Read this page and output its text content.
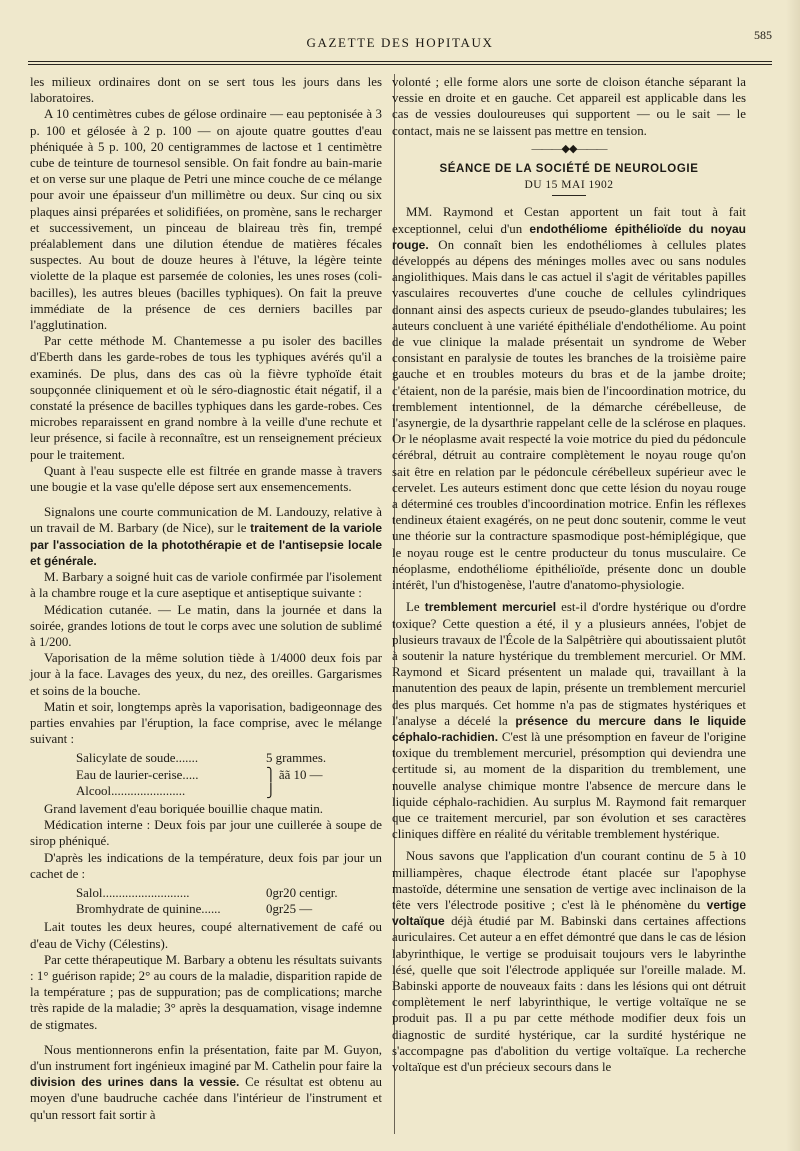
GAZETTE DES HOPITAUX	585

les milieux ordinaires dont on se sert tous les jours dans les laboratoires.

A 10 centimètres cubes de gélose ordinaire — eau peptonisée à 3 p. 100 et gélosée à 2 p. 100 — on ajoute quatre gouttes d'eau phéniquée à 5 p. 100, 20 centigrammes de lactose et 1 centimètre cube de teinture de tournesol sensible. On fait fondre au bain-marie et on verse sur une plaque de Petri une mince couche de ce mélange pour avoir une épaisseur d'un millimètre ou deux. Sur cinq ou six plaques ainsi préparées et solidifiées, on promène, sans le recharger et successivement, un pinceau de blaireau très fin, trempé préalablement dans une dilution étendue de matières fécales suspectes. Au bout de douze heures à l'étuve, la légère teinte violette de la plaque est parsemée de colonies, les unes roses (coli-bacilles), les autres bleues (bacilles typhiques). On fait la preuve immédiate de la présence de ces derniers bacilles par l'agglutination.

Par cette méthode M. Chantemesse a pu isoler des bacilles d'Eberth dans les garde-robes de tous les typhiques avérés qu'il a examinés. De plus, dans des cas où la fièvre typhoïde était soupçonnée cliniquement et où le séro-diagnostic était négatif, il a constaté la présence de bacilles typhiques dans les garde-robes. Ces microbes reparaissent en grand nombre à la veille d'une rechute et leur présence, si facile à reconnaître, est un renseignement précieux pour le traitement.

Quant à l'eau suspecte elle est filtrée en grande masse à travers une bougie et la vase qu'elle dépose sert aux ensemencements.

Signalons une courte communication de M. Landouzy, relative à un travail de M. Barbary (de Nice), sur le traitement de la variole par l'association de la photothérapie et de l'antisepsie locale et générale.

M. Barbary a soigné huit cas de variole confirmée par l'isolement à la chambre rouge et la cure aseptique et antiseptique suivante :

Médication cutanée. — Le matin, dans la journée et dans la soirée, grandes lotions de tout le corps avec une solution de sublimé à 1/200.

Vaporisation de la même solution tiède à 1/4000 deux fois par jour à la face. Lavages des yeux, du nez, des oreilles. Gargarismes et soins de la bouche.

Matin et soir, longtemps après la vaporisation, badigeonnage des parties envahies par l'éruption, la face comprise, avec le mélange suivant :

Salicylate de soude.......	5 grammes.
Eau de laurier-cerise.....	⎫ ãã 10 —
Alcool.......................	⎭

Grand lavement d'eau boriquée bouillie chaque matin.

Médication interne : Deux fois par jour une cuillerée à soupe de sirop phéniqué.

D'après les indications de la température, deux fois par jour un cachet de :

Salol...........................	0gr20 centigr.
Bromhydrate de quinine......	0gr25 —

Lait toutes les deux heures, coupé alternativement de café ou d'eau de Vichy (Célestins).

Par cette thérapeutique M. Barbary a obtenu les résultats suivants : 1° guérison rapide; 2° au cours de la maladie, disparition rapide de la température ; pas de suppuration; pas de complications; marche très rapide de la maladie; 3° après la desquamation, visage indemne de stigmates.

Nous mentionnerons enfin la présentation, faite par M. Guyon, d'un instrument fort ingénieux imaginé par M. Cathelin pour faire la division des urines dans la vessie. Ce résultat est obtenu au moyen d'une baudruche cachée dans l'intérieur de l'instrument et qu'un ressort fait sortir à

volonté ; elle forme alors une sorte de cloison étanche séparant la vessie en droite et en gauche. Cet appareil est applicable dans les cas de vessies douloureuses qui supportent — ou le sait — le contact, mais ne se laissent pas mettre en tension.

———◆◆———
SÉANCE DE LA SOCIÉTÉ DE NEUROLOGIE
DU 15 MAI 1902

MM. Raymond et Cestan apportent un fait tout à fait exceptionnel, celui d'un endothéliome épithélioïde du noyau rouge. On connaît bien les endothéliomes à cellules plates développés au dépens des méninges molles avec ou sans nodules angiolithiques. Mais dans le cas actuel il s'agit de véritables papilles vasculaires recouvertes d'une couche de cellules cylindriques donnant ainsi des aspects curieux de pseudo-glandes tubulaires; les auteurs concluent à une variété épithéliale d'endothéliome. Au point de vue clinique la malade présentait un syndrome de Weber consistant en paralysie de toutes les branches de la troisième paire gauche et en troubles moteurs du bras et de la jambe droite; c'étaient, non de la parésie, mais bien de l'incoordination motrice, du tremblement intentionnel, de la démarche cérébelleuse, de l'asynergie, de la dysarthrie rappelant celle de la sclérose en plaques. Or le néoplasme avait respecté la voie motrice du pied du pédoncule cérébral, détruit au contraire complètement le noyau rouge qu'on sait être en relation par le pédoncule cérébelleux supérieur avec le cervelet. Les auteurs estiment donc que cette lésion du noyau rouge a déterminé ces troubles d'incoordination motrice. Enfin les réflexes tendineux étaient exagérés, on ne peut donc soutenir, comme le veut une théorie sur la contracture spasmodique post-hémiplégique, que le noyau rouge est le centre producteur du tonus musculaire. Ce néoplasme, endothéliome épithélioïde, présente donc un double intérêt, l'un d'histogenèse, l'autre d'anatomo-physiologie.

Le tremblement mercuriel est-il d'ordre hystérique ou d'ordre toxique? Cette question a été, il y a plusieurs années, l'objet de plusieurs travaux de l'École de la Salpêtrière qui aboutissaient plutôt à soutenir la nature hystérique du tremblement mercuriel. Or MM. Raymond et Sicard présentent un malade qui, travaillant à la manutention des peaux de lapin, présente un tremblement mercuriel des plus marqués. Cet homme n'a pas de stigmates hystériques et l'analyse a décelé la présence du mercure dans le liquide céphalo-rachidien. C'est là une présomption en faveur de l'origine toxique du tremblement mercuriel, présomption qui deviendra une certitude si, au moment de la disparition du tremblement, une nouvelle analyse chimique montre l'absence de mercure dans le liquide céphalo-rachidien. Au surplus M. Raymond fait remarquer que ce traitement mercuriel, par son évolution et ses caractères cliniques diffère en réalité du véritable tremblement hystérique.

Nous savons que l'application d'un courant continu de 5 à 10 milliampères, chaque électrode étant placée sur l'apophyse mastoïde, détermine une sensation de vertige avec inclinaison de la tête vers l'électrode positive ; c'est là le phénomène du vertige voltaïque déjà étudié par M. Babinski dans certaines affections auriculaires. Cet auteur a en effet démontré que dans le cas de lésion labyrinthique, le vertige se produisait toujours vers le labyrinthe lésé, quelle que soit l'électrode appliquée sur l'oreille malade. M. Babinski apporte de nouveaux faits : dans les lésions qui ont détruit complètement le nerf labyrinthique, le vertige voltaïque ne se produit pas. Il a pu par cette méthode modifier deux fois un diagnostic de surdité hystérique, car la surdité hystérique ne s'accompagne pas d'abolition du vertige voltaïque. La recherche voltaïque est d'un précieux secours dans le
